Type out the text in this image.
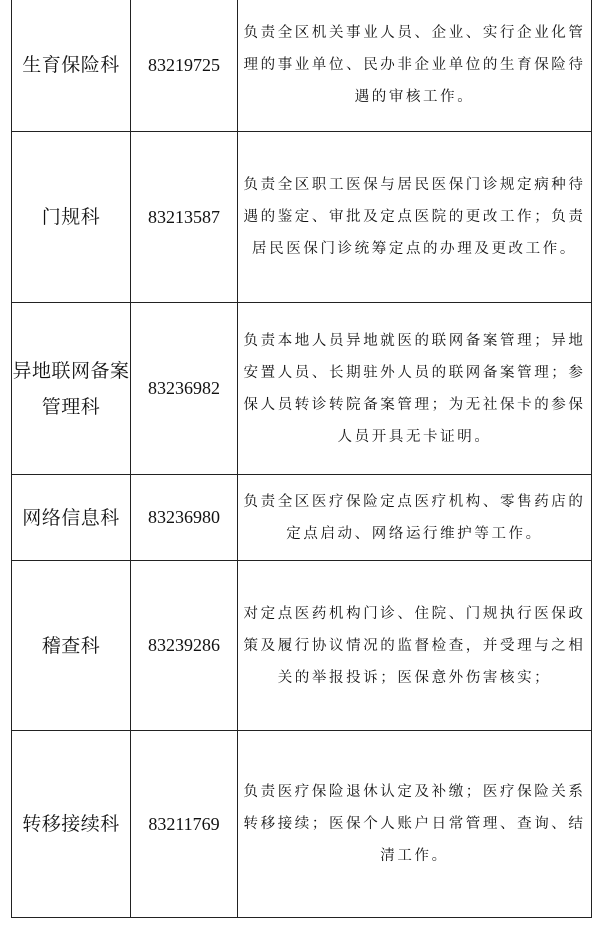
生育保险科	83219725	负责全区机关事业人员、企业、实行企业化管理的事业单位、民办非企业单位的生育保险待遇的审核工作。
门规科	83213587	负责全区职工医保与居民医保门诊规定病种待遇的鉴定、审批及定点医院的更改工作；负责居民医保门诊统筹定点的办理及更改工作。
异地联网备案管理科	83236982	负责本地人员异地就医的联网备案管理；异地安置人员、长期驻外人员的联网备案管理；参保人员转诊转院备案管理；为无社保卡的参保人员开具无卡证明。
网络信息科	83236980	负责全区医疗保险定点医疗机构、零售药店的定点启动、网络运行维护等工作。
稽查科	83239286	对定点医药机构门诊、住院、门规执行医保政策及履行协议情况的监督检查，并受理与之相关的举报投诉；医保意外伤害核实；
转移接续科	83211769	负责医疗保险退休认定及补缴；医疗保险关系转移接续；医保个人账户日常管理、查询、结清工作。
